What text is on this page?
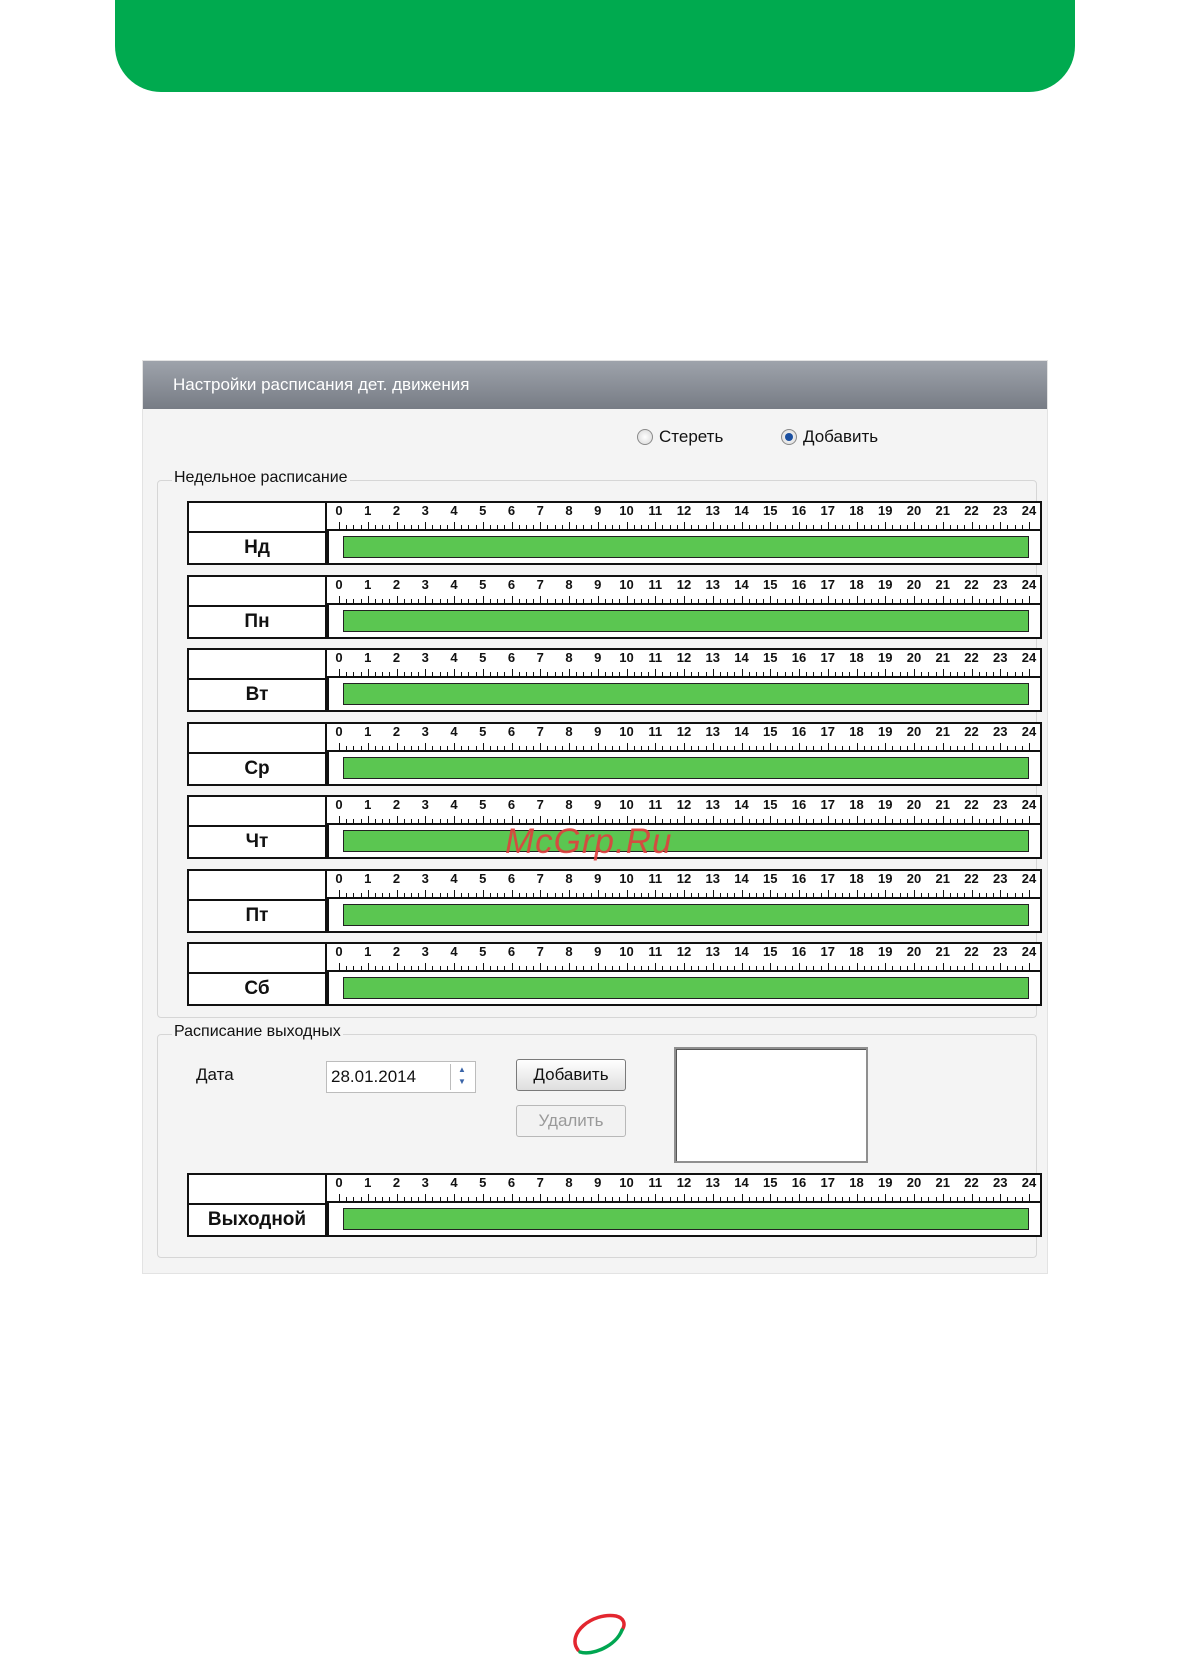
Настройки расписания дет. движения
Стереть	Добавить
Недельное расписание
0 1 2 3 4 5 6 7 8 9 10 11 12 13 14 15 16 17 18 19 20 21 22 23 24
Нд
0 1 2 3 4 5 6 7 8 9 10 11 12 13 14 15 16 17 18 19 20 21 22 23 24
Пн
0 1 2 3 4 5 6 7 8 9 10 11 12 13 14 15 16 17 18 19 20 21 22 23 24
Вт
0 1 2 3 4 5 6 7 8 9 10 11 12 13 14 15 16 17 18 19 20 21 22 23 24
Ср
0 1 2 3 4 5 6 7 8 9 10 11 12 13 14 15 16 17 18 19 20 21 22 23 24
Чт
0 1 2 3 4 5 6 7 8 9 10 11 12 13 14 15 16 17 18 19 20 21 22 23 24
Пт
0 1 2 3 4 5 6 7 8 9 10 11 12 13 14 15 16 17 18 19 20 21 22 23 24
Сб
Расписание выходных
Дата	28.01.2014	▲
▼	Добавить
Удалить
0 1 2 3 4 5 6 7 8 9 10 11 12 13 14 15 16 17 18 19 20 21 22 23 24
Выходной
McGrp.Ru
